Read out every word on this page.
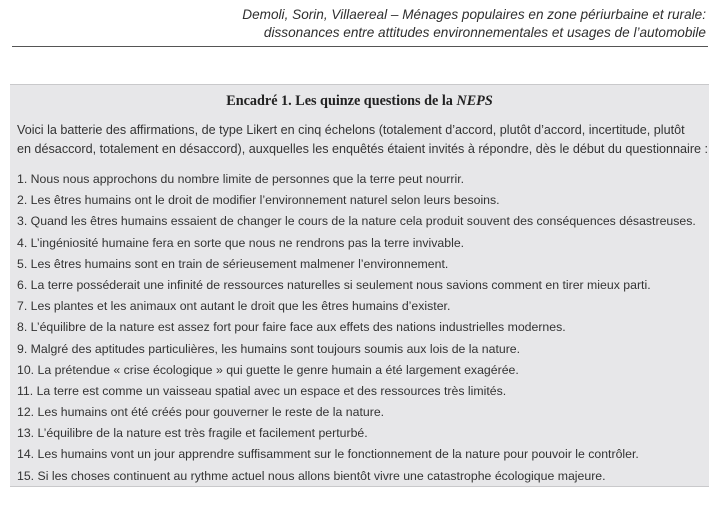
Demoli, Sorin, Villaereal – Ménages populaires en zone périurbaine et rurale:
dissonances entre attitudes environnementales et usages de l’automobile
Encadré 1. Les quinze questions de la NEPS
Voici la batterie des affirmations, de type Likert en cinq échelons (totalement d’accord, plutôt d’accord, incertitude, plutôt
en désaccord, totalement en désaccord), auxquelles les enquêtés étaient invités à répondre, dès le début du questionnaire :
1. Nous nous approchons du nombre limite de personnes que la terre peut nourrir.
2. Les êtres humains ont le droit de modifier l’environnement naturel selon leurs besoins.
3. Quand les êtres humains essaient de changer le cours de la nature cela produit souvent des conséquences désastreuses.
4. L’ingéniosité humaine fera en sorte que nous ne rendrons pas la terre invivable.
5. Les êtres humains sont en train de sérieusement malmener l’environnement.
6. La terre posséderait une infinité de ressources naturelles si seulement nous savions comment en tirer mieux parti.
7. Les plantes et les animaux ont autant le droit que les êtres humains d’exister.
8. L’équilibre de la nature est assez fort pour faire face aux effets des nations industrielles modernes.
9. Malgré des aptitudes particulières, les humains sont toujours soumis aux lois de la nature.
10. La prétendue « crise écologique » qui guette le genre humain a été largement exagérée.
11. La terre est comme un vaisseau spatial avec un espace et des ressources très limités.
12. Les humains ont été créés pour gouverner le reste de la nature.
13. L’équilibre de la nature est très fragile et facilement perturbé.
14. Les humains vont un jour apprendre suffisamment sur le fonctionnement de la nature pour pouvoir le contrôler.
15. Si les choses continuent au rythme actuel nous allons bientôt vivre une catastrophe écologique majeure.
